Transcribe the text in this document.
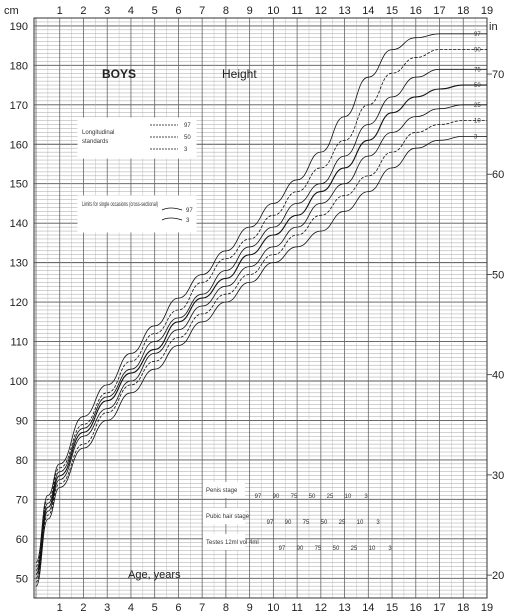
1
1
2
2
3
3
4
4
5
5
6
6
7
7
8
8
9
9
10
10
11
11
12
12
13
13
14
14
15
15
16
16
17
17
18
18
19
19
50
60
70
80
90
100
110
120
130
140
150
160
170
180
190
cm
20
30
40
50
60
70
in
97
90
75
50
25
10
3
BOYS	Height
Longitudinal
standards
97
50
3
Limits for single occasions (cross-sectional)
97
3
Age, years
Penis stage
97 90 75 50 25 10 3
Pubic hair stage
97 90 75 50 25 10 3
Testes 12ml vol 4ml
97 90 75 50 25 10 3
